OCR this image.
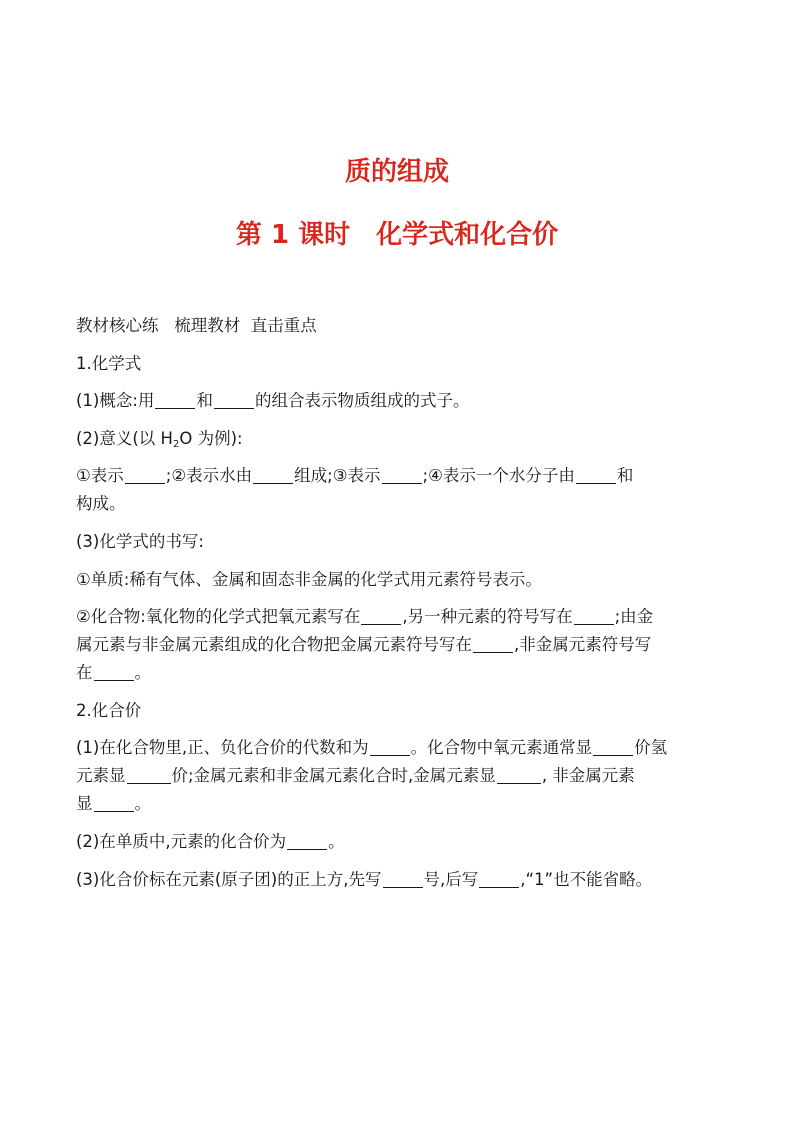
质的组成
第 1 课时 化学式和化合价
教材核心练 梳理教材 直击重点
1.化学式
(1)概念:用	和	的组合表示物质组成的式子。
(2)意义(以 $H_2O$ 为例):
①表示	;②表示水由	组成;③表示	;④表示一个水分子由	和
构成。
(3)化学式的书写:
①单质:稀有气体、金属和固态非金属的化学式用元素符号表示。
②化合物:氧化物的化学式把氧元素写在	,另一种元素的符号写在	;由金
属元素与非金属元素组成的化合物把金属元素符号写在	,非金属元素符号写
在	。
2.化合价
(1)在化合物里,正、负化合价的代数和为	。化合物中氧元素通常显	价氢
元素显	价;金属元素和非金属元素化合时,金属元素显	, 非金属元素
显	。
(2)在单质中,元素的化合价为	。
(3)化合价标在元素(原子团)的正上方,先写	号,后写	,“1”也不能省略。
